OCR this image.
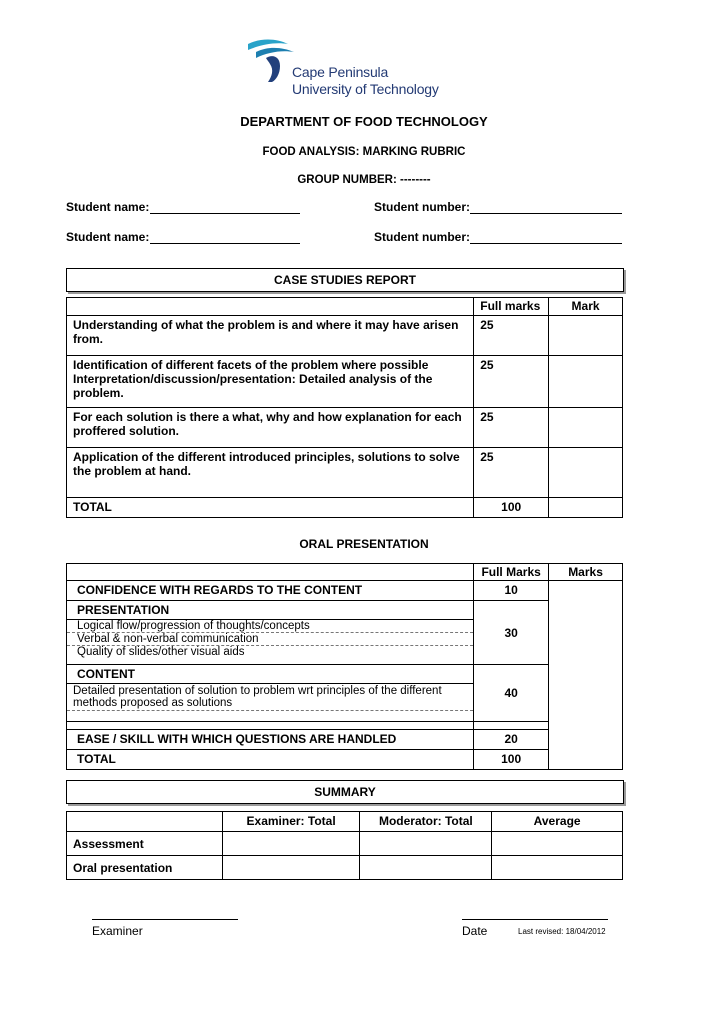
Cape Peninsula
University of Technology
DEPARTMENT OF FOOD TECHNOLOGY
FOOD ANALYSIS: MARKING RUBRIC
GROUP NUMBER: --------
Student name:	Student number:
Student name:	Student number:
CASE STUDIES REPORT
	Full marks	Mark
Understanding of what the problem is and where it may have arisen from.	25	
Identification of different facets of the problem where possible Interpretation/discussion/presentation: Detailed analysis of the problem.	25	
For each solution is there a what, why and how explanation for each proffered solution.	25	
Application of the different introduced principles, solutions to solve the problem at hand.	25	
TOTAL	100	
ORAL PRESENTATION
	Full Marks	Marks
CONFIDENCE WITH REGARDS TO THE CONTENT	10	

PRESENTATION
Logical flow/progression of thoughts/concepts
Verbal & non-verbal communication
Quality of slides/other visual aids	30	

CONTENT
Detailed presentation of solution to problem wrt principles of the different methods proposed as solutions	40	

EASE / SKILL WITH WHICH QUESTIONS ARE HANDLED	20	
TOTAL	100	
SUMMARY
	Examiner: Total	Moderator: Total	Average
Assessment			
Oral presentation			
Examiner	Date	Last revised: 18/04/2012
